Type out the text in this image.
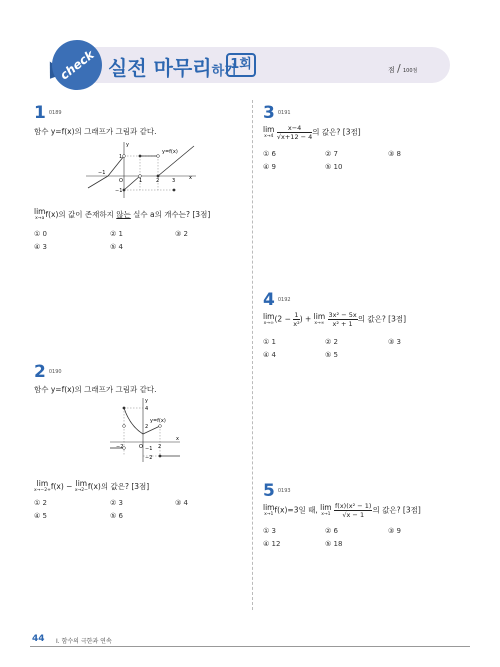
check 실전 마무리하기
1회	점 / 100점
1 0189
함수 y=f(x)의 그래프가 그림과 같다.
x
y
1
−1
−1
O	1	2	3
y=f(x)
lim
x→a f(x)의 값이 존재하지 않는 실수 a의 개수는? [3점]
① 0	② 1	③ 2
④ 3	⑤ 4
2 0190
함수 y=f(x)의 그래프가 그림과 같다.
y
x
4
2
−1
−2
−2	O	2
y=f(x)
lim
x→−2+ f(x) − lim
x→2− f(x)의 값은? [3점]
① 2	② 3	③ 4
④ 5	⑤ 6
3 0191
lim
x→4
$\frac{x-4}{√x+12 - 4}$ 의 값은? [3점]
① 6	② 7	③ 8
④ 9	⑤ 10
4 0192
lim
x→∞ ($2 - \frac{1}{\text{x²}}$ ) + lim
x→∞
$\frac{\text{3x² − 5x}}{\text{x² + 1}}$ 의 값은? [3점]
① 1	② 2	③ 3
④ 4	⑤ 5
5 0193
lim
x→1 f(x)=3일 때, lim
x→1
$\frac{\text{f(x)(x² − 1)}}{√x - 1}$ 의 값은? [3점]
① 3	② 6	③ 9
④ 12	⑤ 18
44 Ⅰ. 함수의 극한과 연속
